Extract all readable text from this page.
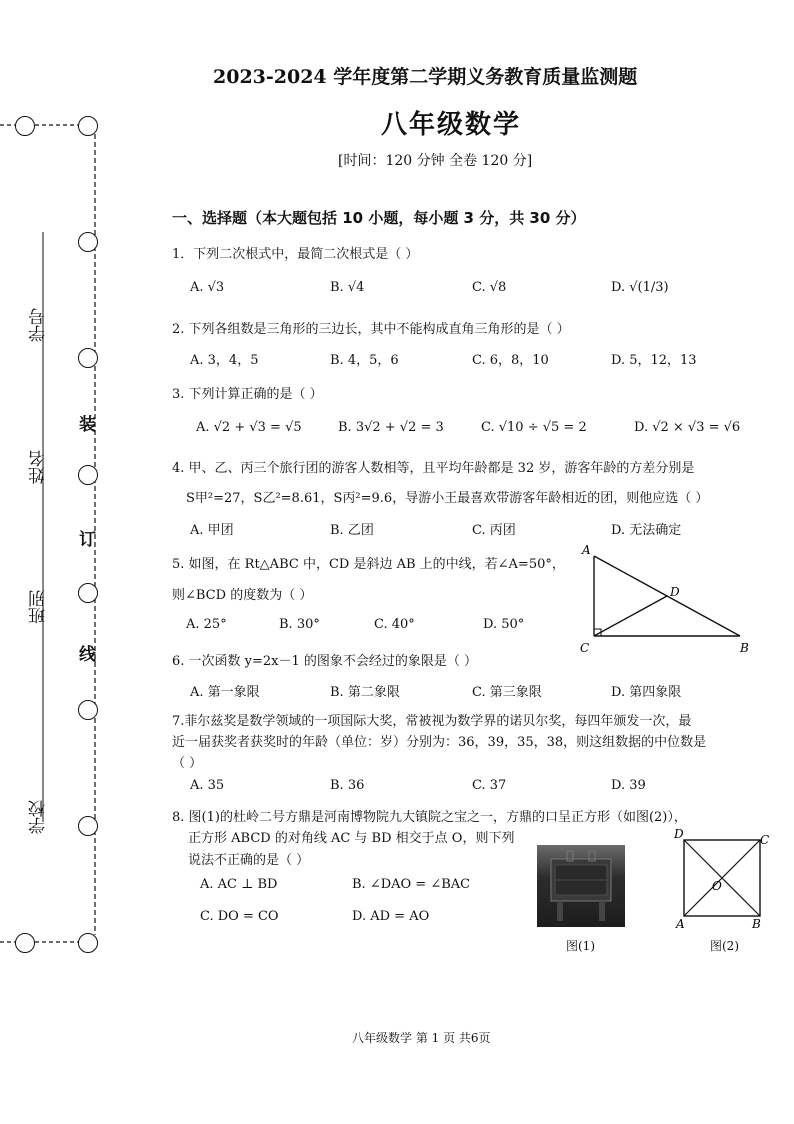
学号
姓名
班别
学校
装
订
线
2023-2024 学年度第二学期义务教育质量监测题
八年级数学
[时间：120 分钟 全卷 120 分]
一、选择题（本大题包括 10 小题，每小题 3 分，共 30 分）
1．下列二次根式中，最简二次根式是（ ）
A. √3	B. √4	C. √8	D. √(1/3)
2. 下列各组数是三角形的三边长，其中不能构成直角三角形的是（ ）
A. 3，4，5	B. 4，5，6	C. 6，8，10	D. 5，12，13
3. 下列计算正确的是（ ）
A. √2 + √3 = √5	B. 3√2 + √2 = 3	C. √10 ÷ √5 = 2	D. √2 × √3 = √6
4. 甲、乙、丙三个旅行团的游客人数相等，且平均年龄都是 32 岁，游客年龄的方差分别是
S甲²=27，S乙²=8.61，S丙²=9.6，导游小王最喜欢带游客年龄相近的团，则他应选（ ）
A. 甲团	B. 乙团	C. 丙团	D. 无法确定
5. 如图，在 Rt△ABC 中，CD 是斜边 AB 上的中线，若∠A=50°，
则∠BCD 的度数为（ ）
A. 25°	B. 30°	C. 40°	D. 50°
A
D
C	B
6. 一次函数 y=2x－1 的图象不会经过的象限是（ ）
A. 第一象限	B. 第二象限	C. 第三象限	D. 第四象限
7.菲尔兹奖是数学领域的一项国际大奖，常被视为数学界的诺贝尔奖，每四年颁发一次，最
近一届获奖者获奖时的年龄（单位：岁）分别为：36，39，35，38，则这组数据的中位数是
（ ）
A. 35	B. 36	C. 37	D. 39
8. 图(1)的杜岭二号方鼎是河南博物院九大镇院之宝之一，方鼎的口呈正方形（如图(2)），
正方形 ABCD 的对角线 AC 与 BD 相交于点 O，则下列
说法不正确的是（ ）
A. AC ⊥ BD	B. ∠DAO = ∠BAC
C. DO = CO	D. AD = AO
图(1)
D	C
O
A	B
图(2)
八年级数学 第 1 页 共6页
